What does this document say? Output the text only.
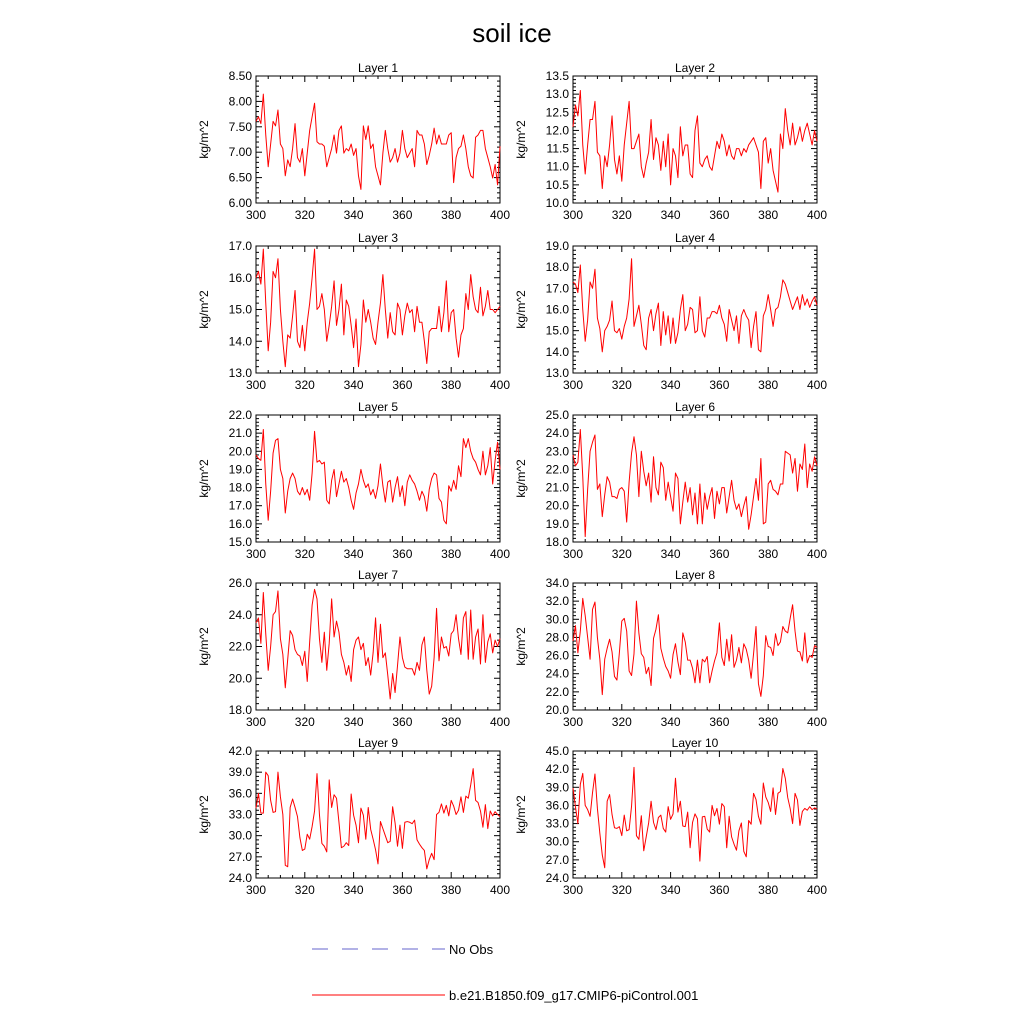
soil ice
Layer 1
300 320 340 360 380 400
6.00
6.50
7.00
7.50
8.00
8.50
kg/m^2
Layer 2
300 320 340 360 380 400
10.0
10.5
11.0
11.5
12.0
12.5
13.0
13.5
kg/m^2
Layer 3
300 320 340 360 380 400
13.0
14.0
15.0
16.0
17.0
kg/m^2
Layer 4
300 320 340 360 380 400
13.0
14.0
15.0
16.0
17.0
18.0
19.0
kg/m^2
Layer 5
300 320 340 360 380 400
15.0
16.0
17.0
18.0
19.0
20.0
21.0
22.0
kg/m^2
Layer 6
300 320 340 360 380 400
18.0
19.0
20.0
21.0
22.0
23.0
24.0
25.0
kg/m^2
Layer 7
300 320 340 360 380 400
18.0
20.0
22.0
24.0
26.0
kg/m^2
Layer 8
300 320 340 360 380 400
20.0
22.0
24.0
26.0
28.0
30.0
32.0
34.0
kg/m^2
Layer 9
300 320 340 360 380 400
24.0
27.0
30.0
33.0
36.0
39.0
42.0
kg/m^2
Layer 10
300 320 340 360 380 400
24.0
27.0
30.0
33.0
36.0
39.0
42.0
45.0
kg/m^2
No Obs
b.e21.B1850.f09_g17.CMIP6-piControl.001
